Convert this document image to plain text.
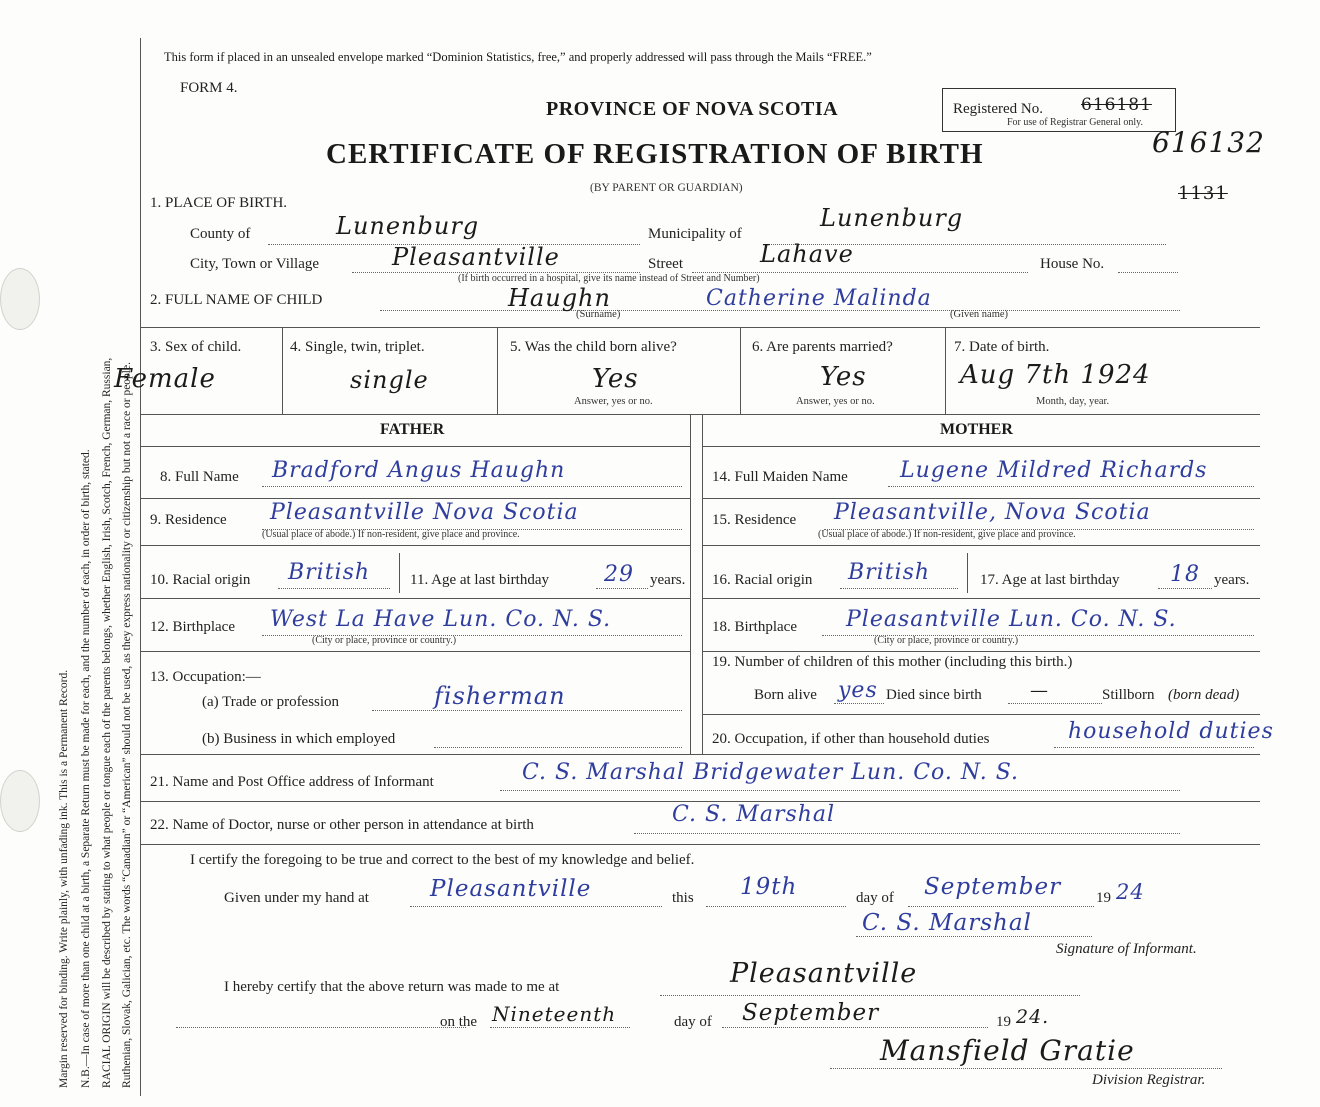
Margin reserved for binding. Write plainly, with unfading ink. This is a Permanent Record. N.B.—In case of more than one child at a birth, a Separate Return must be made for each, and the number of each, in order of birth, stated. RACIAL ORIGIN will be described by stating to what people or tongue each of the parents belongs, whether English, Irish, Scotch, French, German, Russian, Ruthenian, Slovak, Galician, etc. The words “Canadian” or “American” should not be used, as they express nationality or citizenship but not a race or people.
This form if placed in an unsealed envelope marked “Dominion Statistics, free,” and properly addressed will pass through the Mails “FREE.”
FORM 4.
PROVINCE OF NOVA SCOTIA
CERTIFICATE OF REGISTRATION OF BIRTH
(BY PARENT OR GUARDIAN)
Registered No. 616181
For use of Registrar General only.
616132
1131
1. PLACE OF BIRTH.
County of	Lunenburg	Municipality of
Lunenburg
City, Town or Village	Pleasantville	Street	Lahave	House No.
(If birth occurred in a hospital, give its name instead of Street and Number)
2. FULL NAME OF CHILD	Haughn	Catherine Malinda
(Surname)	(Given name)
3. Sex of child.
Female
4. Single, twin, triplet.
single
5. Was the child born alive?
Yes
Answer, yes or no.
6. Are parents married?
Yes
Answer, yes or no.
7. Date of birth.
Aug 7th 1924
Month, day, year.
FATHER	MOTHER
8. Full Name Bradford Angus Haughn
9. Residence Pleasantville Nova Scotia
(Usual place of abode.) If non-resident, give place and province.
10. Racial origin British	11. Age at last birthday	29 years.
12. Birthplace West La Have Lun. Co. N. S.
(City or place, province or country.)
13. Occupation:—
(a) Trade or profession	fisherman
(b) Business in which employed
14. Full Maiden Name Lugene Mildred Richards
15. Residence Pleasantville, Nova Scotia
(Usual place of abode.) If non-resident, give place and province.
16. Racial origin British	17. Age at last birthday 18 years.
18. Birthplace Pleasantville Lun. Co. N. S.
(City or place, province or country.)
19. Number of children of this mother (including this birth.)
Born alive yes Died since birth	—	Stillborn (born dead)
20. Occupation, if other than household duties	household duties
21. Name and Post Office address of Informant	C. S. Marshal Bridgewater Lun. Co. N. S.
22. Name of Doctor, nurse or other person in attendance at birth	C. S. Marshal
I certify the foregoing to be true and correct to the best of my knowledge and belief.
Given under my hand at	Pleasantville	this 19th	day of September 19 24
C. S. Marshal
Signature of Informant.
I hereby certify that the above return was made to me at	Pleasantville
on the Nineteenth	day of September	19 24.
Mansfield Gratie
Division Registrar.
